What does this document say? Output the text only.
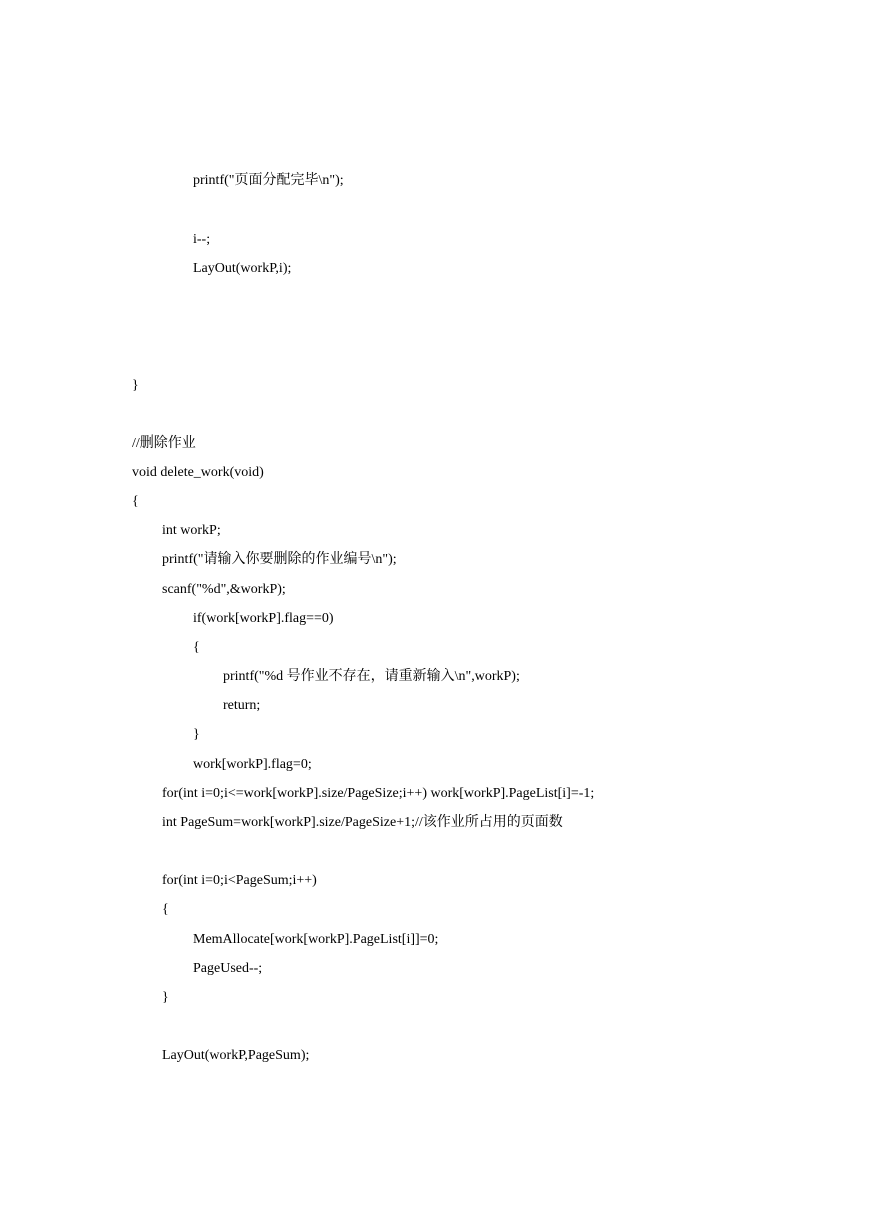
printf("页面分配完毕\n");
i--;
LayOut(workP,i);
}
//删除作业
void delete_work(void)
{
int workP;
printf("请输入你要删除的作业编号\n");
scanf("%d",&workP);
if(work[workP].flag==0)
{
printf("%d 号作业不存在，请重新输入\n",workP);
return;
}
work[workP].flag=0;
for(int i=0;i<=work[workP].size/PageSize;i++) work[workP].PageList[i]=-1;
int PageSum=work[workP].size/PageSize+1;//该作业所占用的页面数
for(int i=0;i<PageSum;i++)
{
MemAllocate[work[workP].PageList[i]]=0;
PageUsed--;
}
LayOut(workP,PageSum);
